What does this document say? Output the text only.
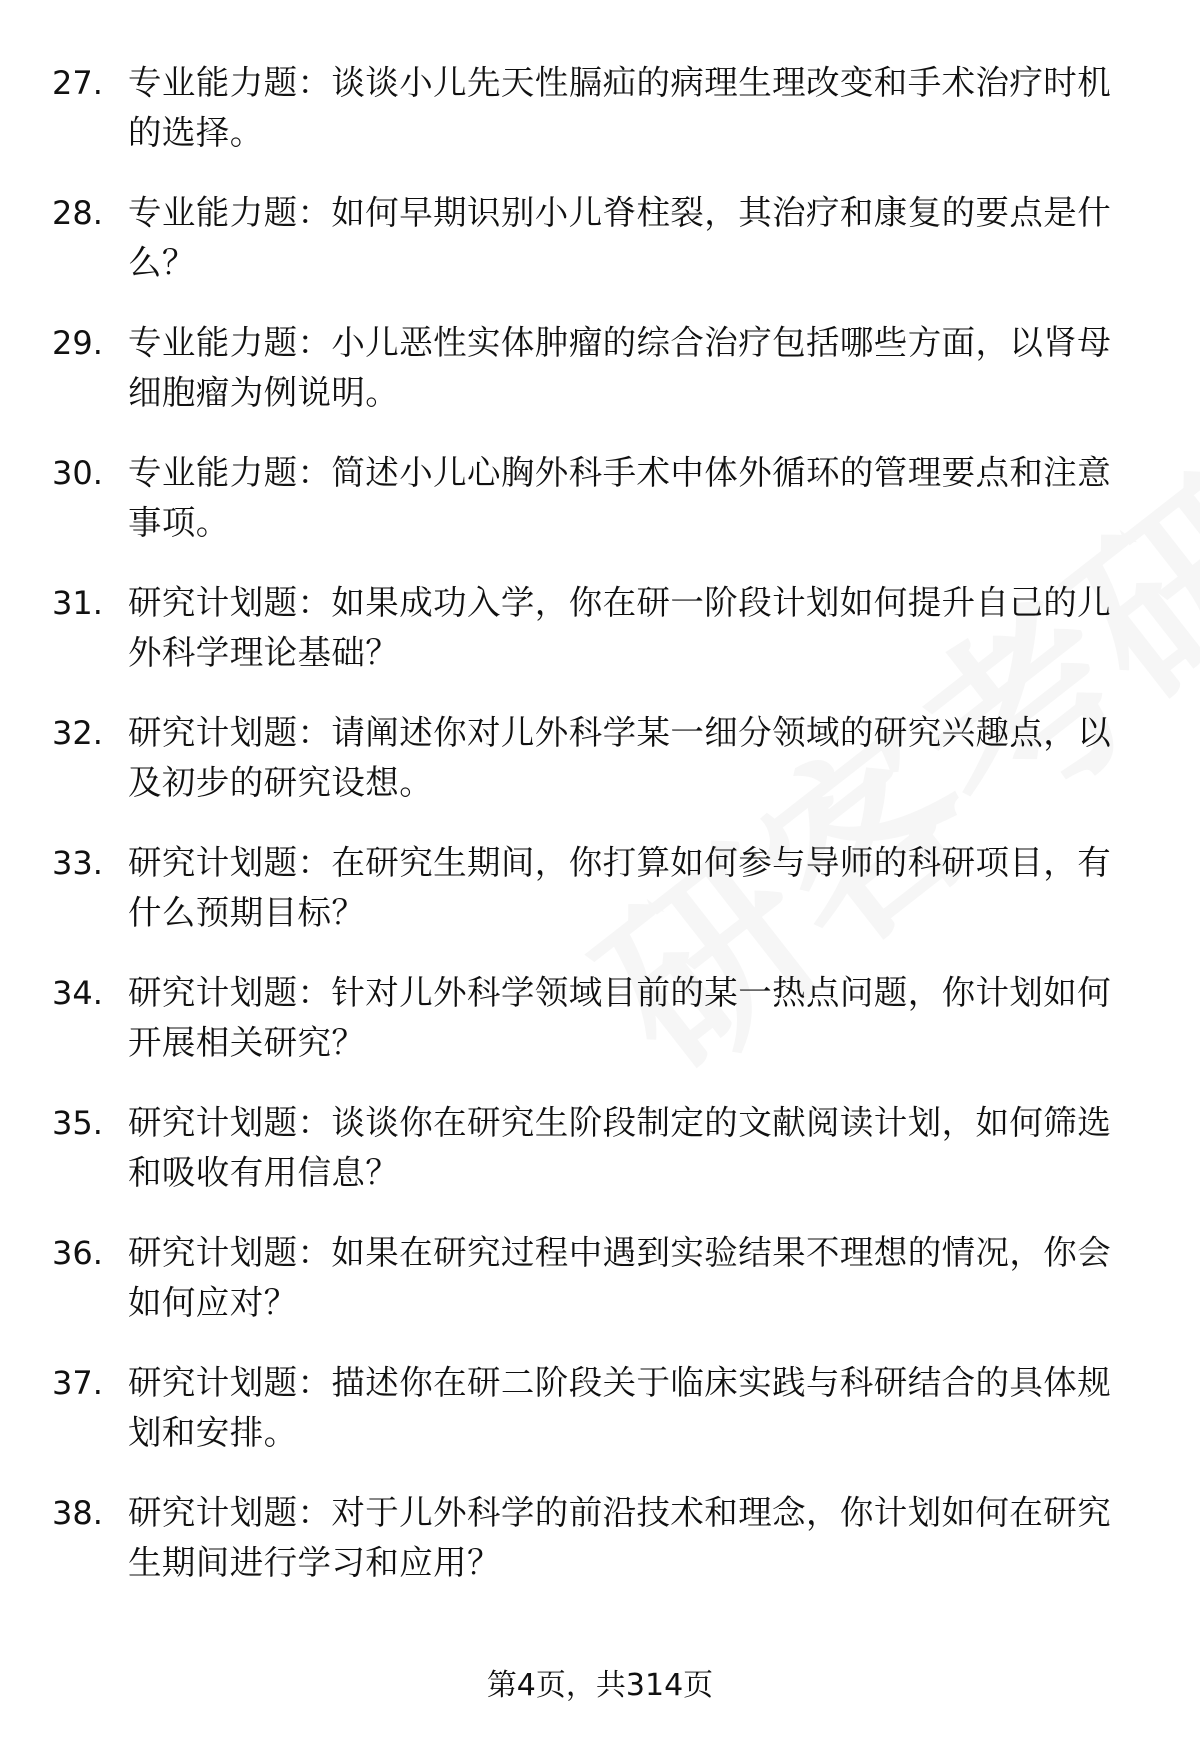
27. 专业能力题：谈谈小儿先天性膈疝的病理生理改变和手术治疗时机的选择。
28. 专业能力题：如何早期识别小儿脊柱裂，其治疗和康复的要点是什么？
29. 专业能力题：小儿恶性实体肿瘤的综合治疗包括哪些方面，以肾母细胞瘤为例说明。
30. 专业能力题：简述小儿心胸外科手术中体外循环的管理要点和注意事项。
31. 研究计划题：如果成功入学，你在研一阶段计划如何提升自己的儿外科学理论基础？
32. 研究计划题：请阐述你对儿外科学某一细分领域的研究兴趣点，以及初步的研究设想。
33. 研究计划题：在研究生期间，你打算如何参与导师的科研项目，有什么预期目标？
34. 研究计划题：针对儿外科学领域目前的某一热点问题，你计划如何开展相关研究？
35. 研究计划题：谈谈你在研究生阶段制定的文献阅读计划，如何筛选和吸收有用信息？
36. 研究计划题：如果在研究过程中遇到实验结果不理想的情况，你会如何应对？
37. 研究计划题：描述你在研二阶段关于临床实践与科研结合的具体规划和安排。
38. 研究计划题：对于儿外科学的前沿技术和理念，你计划如何在研究生期间进行学习和应用？
第4页，共314页
